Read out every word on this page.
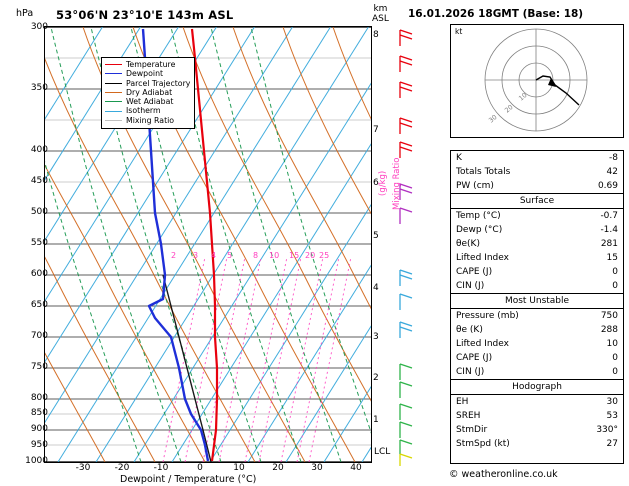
hPa 53°06'N 23°10'E 143m ASL	km
ASL
2 3 4 5	8 10 15 20 25
Temperature
Dewpoint
Parcel Trajectory
Dry Adiabat
Wet Adiabat
Isotherm
Mixing Ratio
300
350
400
450
500
550
600
650
700
750
800
850
900
950
1000
-30	-20	-10	0	10	20	30	40
Dewpoint / Temperature (°C)
8
7
6
5
4
3
2
1
LCL
Mixing Ratio
(g/kg)
16.01.2026 18GMT (Base: 18)
kt
10
20
30
K	-8
Totals Totals	42
PW (cm)	0.69
Surface
Temp (°C)	-0.7
Dewp (°C)	-1.4
θe(K)	281
Lifted Index	15
CAPE (J)	0
CIN (J)	0
Most Unstable
Pressure (mb)	750
θe (K)	288
Lifted Index	10
CAPE (J)	0
CIN (J)	0
Hodograph
EH	30
SREH	53
StmDir	330°
StmSpd (kt)	27
© weatheronline.co.uk
